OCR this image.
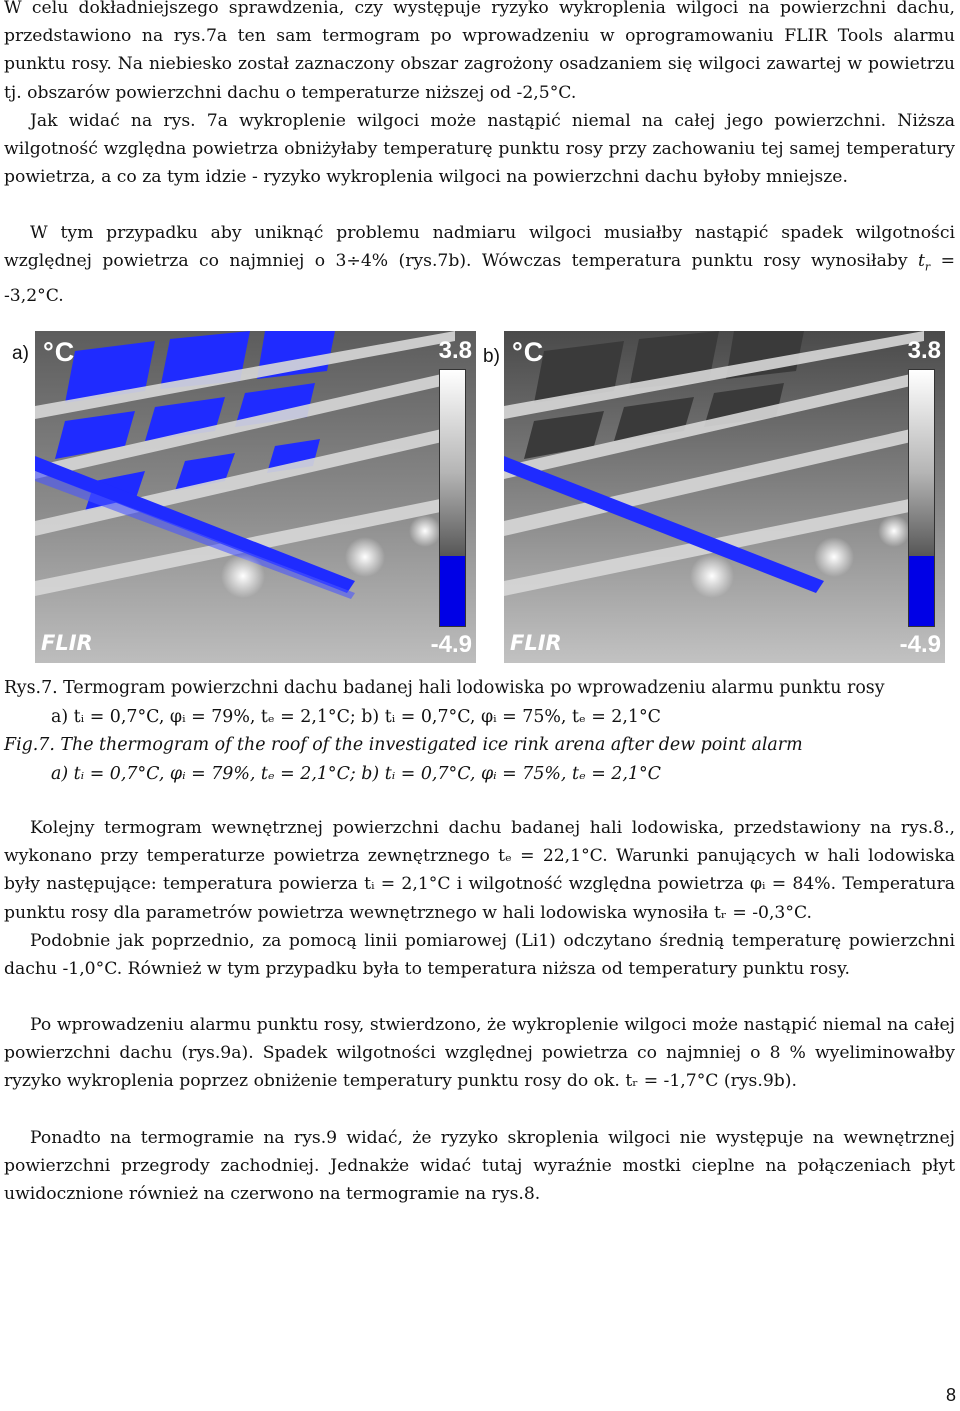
W celu dokładniejszego sprawdzenia, czy występuje ryzyko wykroplenia wilgoci na powierzchni dachu, przedstawiono na rys.7a ten sam termogram po wprowadzeniu w oprogramowaniu FLIR Tools alarmu punktu rosy. Na niebiesko został zaznaczony obszar zagrożony osadzaniem się wilgoci zawartej w powietrzu tj. obszarów powierzchni dachu o temperaturze niższej od -2,5°C.

Jak widać na rys. 7a wykroplenie wilgoci może nastąpić niemal na całej jego powierzchni. Niższa wilgotność względna powietrza obniżyłaby temperaturę punktu rosy przy zachowaniu tej samej temperatury powietrza, a co za tym idzie - ryzyko wykroplenia wilgoci na powierzchni dachu byłoby mniejsze.

W tym przypadku aby uniknąć problemu nadmiaru wilgoci musiałby nastąpić spadek wilgotności względnej powietrza co najmniej o 3÷4% (rys.7b). Wówczas temperatura punktu rosy wynosiłaby $t_r = -3,2^\circ C$.

a)	b)
°C	3.8
-4.9
FLIR
°C	3.8
-4.9
FLIR

Rys.7. Termogram powierzchni dachu badanej hali lodowiska po wprowadzeniu alarmu punktu rosy

a) tᵢ = 0,7°C, φᵢ = 79%, tₑ = 2,1°C; b) tᵢ = 0,7°C, φᵢ = 75%, tₑ = 2,1°C

Fig.7. The thermogram of the roof of the investigated ice rink arena after dew point alarm

a) tᵢ = 0,7°C, φᵢ = 79%, tₑ = 2,1°C; b) tᵢ = 0,7°C, φᵢ = 75%, tₑ = 2,1°C

Kolejny termogram wewnętrznej powierzchni dachu badanej hali lodowiska, przedstawiony na rys.8., wykonano przy temperaturze powietrza zewnętrznego tₑ = 22,1°C. Warunki panujących w hali lodowiska były następujące: temperatura powierza tᵢ = 2,1°C i wilgotność względna powietrza φᵢ = 84%. Temperatura punktu rosy dla parametrów powietrza wewnętrznego w hali lodowiska wynosiła tᵣ = -0,3°C.

Podobnie jak poprzednio, za pomocą linii pomiarowej (Li1) odczytano średnią temperaturę powierzchni dachu -1,0°C. Również w tym przypadku była to temperatura niższa od temperatury punktu rosy.

Po wprowadzeniu alarmu punktu rosy, stwierdzono, że wykroplenie wilgoci może nastąpić niemal na całej powierzchni dachu (rys.9a). Spadek wilgotności względnej powietrza co najmniej o 8 % wyeliminowałby ryzyko wykroplenia poprzez obniżenie temperatury punktu rosy do ok. tᵣ = -1,7°C (rys.9b).

Ponadto na termogramie na rys.9 widać, że ryzyko skroplenia wilgoci nie występuje na wewnętrznej powierzchni przegrody zachodniej. Jednakże widać tutaj wyraźnie mostki cieplne na połączeniach płyt uwidocznione również na czerwono na termogramie na rys.8.

8
